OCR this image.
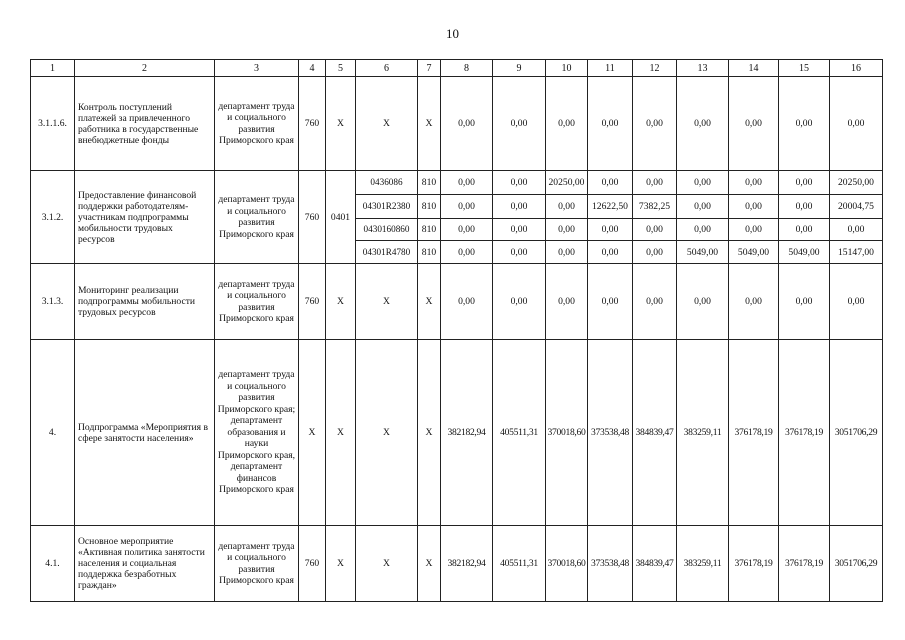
10
1	2	3	4	5	6	7	8	9	10	11	12	13	14	15	16
3.1.1.6.	Контроль поступлений платежей за привлеченного работника в государственные внебюджетные фонды	департамент труда и социального развития Приморского края	760	X	X	X	0,00	0,00	0,00	0,00	0,00	0,00	0,00	0,00	0,00
3.1.2.	Предоставление финансовой поддержки работодателям-участникам подпрограммы мобильности трудовых ресурсов	департамент труда и социального развития Приморского края	760	0401	0436086	810	0,00	0,00	20250,00	0,00	0,00	0,00	0,00	0,00	20250,00
					04301R2380	810	0,00	0,00	0,00	12622,50	7382,25	0,00	0,00	0,00	20004,75
					0430160860	810	0,00	0,00	0,00	0,00	0,00	0,00	0,00	0,00	0,00
					04301R4780	810	0,00	0,00	0,00	0,00	0,00	5049,00	5049,00	5049,00	15147,00
3.1.3.	Мониторинг реализации подпрограммы мобильности трудовых ресурсов	департамент труда и социального развития Приморского края	760	X	X	X	0,00	0,00	0,00	0,00	0,00	0,00	0,00	0,00	0,00
4.	Подпрограмма «Мероприятия в сфере занятости населения»	департамент труда и социального развития Приморского края; департамент образования и науки Приморского края, департамент финансов Приморского края	X	X	X	X	382182,94	405511,31	370018,60	373538,48	384839,47	383259,11	376178,19	376178,19	3051706,29
4.1.	Основное мероприятие «Активная политика занятости населения и социальная поддержка безработных граждан»	департамент труда и социального развития Приморского края	760	X	X	X	382182,94	405511,31	370018,60	373538,48	384839,47	383259,11	376178,19	376178,19	3051706,29
